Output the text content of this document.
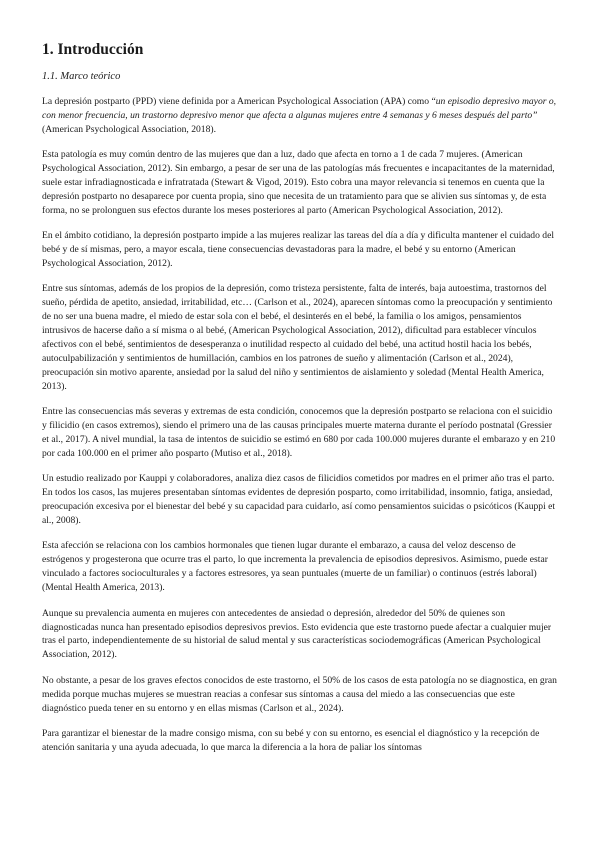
1. Introducción
1.1. Marco teórico

La depresión postparto (PPD) viene definida por a American Psychological Association (APA) como “un episodio depresivo mayor o, con menor frecuencia, un trastorno depresivo menor que afecta a algunas mujeres entre 4 semanas y 6 meses después del parto” (American Psychological Association, 2018).

Esta patología es muy común dentro de las mujeres que dan a luz, dado que afecta en torno a 1 de cada 7 mujeres. (American Psychological Association, 2012). Sin embargo, a pesar de ser una de las patologías más frecuentes e incapacitantes de la maternidad, suele estar infradiagnosticada e infratratada (Stewart & Vigod, 2019). Esto cobra una mayor relevancia si tenemos en cuenta que la depresión postparto no desaparece por cuenta propia, sino que necesita de un tratamiento para que se alivien sus síntomas y, de esta forma, no se prolonguen sus efectos durante los meses posteriores al parto (American Psychological Association, 2012).

En el ámbito cotidiano, la depresión postparto impide a las mujeres realizar las tareas del día a día y dificulta mantener el cuidado del bebé y de sí mismas, pero, a mayor escala, tiene consecuencias devastadoras para la madre, el bebé y su entorno (American Psychological Association, 2012).

Entre sus síntomas, además de los propios de la depresión, como tristeza persistente, falta de interés, baja autoestima, trastornos del sueño, pérdida de apetito, ansiedad, irritabilidad, etc… (Carlson et al., 2024), aparecen síntomas como la preocupación y sentimiento de no ser una buena madre, el miedo de estar sola con el bebé, el desinterés en el bebé, la familia o los amigos, pensamientos intrusivos de hacerse daño a sí misma o al bebé, (American Psychological Association, 2012), dificultad para establecer vínculos afectivos con el bebé, sentimientos de desesperanza o inutilidad respecto al cuidado del bebé, una actitud hostil hacia los bebés, autoculpabilización y sentimientos de humillación, cambios en los patrones de sueño y alimentación (Carlson et al., 2024), preocupación sin motivo aparente, ansiedad por la salud del niño y sentimientos de aislamiento y soledad (Mental Health America, 2013).

Entre las consecuencias más severas y extremas de esta condición, conocemos que la depresión postparto se relaciona con el suicidio y filicidio (en casos extremos), siendo el primero una de las causas principales muerte materna durante el período postnatal (Gressier et al., 2017). A nivel mundial, la tasa de intentos de suicidio se estimó en 680 por cada 100.000 mujeres durante el embarazo y en 210 por cada 100.000 en el primer año posparto (Mutiso et al., 2018).

Un estudio realizado por Kauppi y colaboradores, analiza diez casos de filicidios cometidos por madres en el primer año tras el parto. En todos los casos, las mujeres presentaban síntomas evidentes de depresión posparto, como irritabilidad, insomnio, fatiga, ansiedad, preocupación excesiva por el bienestar del bebé y su capacidad para cuidarlo, así como pensamientos suicidas o psicóticos (Kauppi et al., 2008).

Esta afección se relaciona con los cambios hormonales que tienen lugar durante el embarazo, a causa del veloz descenso de estrógenos y progesterona que ocurre tras el parto, lo que incrementa la prevalencia de episodios depresivos. Asimismo, puede estar vinculado a factores socioculturales y a factores estresores, ya sean puntuales (muerte de un familiar) o continuos (estrés laboral) (Mental Health America, 2013).

Aunque su prevalencia aumenta en mujeres con antecedentes de ansiedad o depresión, alrededor del 50% de quienes son diagnosticadas nunca han presentado episodios depresivos previos. Esto evidencia que este trastorno puede afectar a cualquier mujer tras el parto, independientemente de su historial de salud mental y sus características sociodemográficas (American Psychological Association, 2012).

No obstante, a pesar de los graves efectos conocidos de este trastorno, el 50% de los casos de esta patología no se diagnostica, en gran medida porque muchas mujeres se muestran reacias a confesar sus síntomas a causa del miedo a las consecuencias que este diagnóstico pueda tener en su entorno y en ellas mismas (Carlson et al., 2024).

Para garantizar el bienestar de la madre consigo misma, con su bebé y con su entorno, es esencial el diagnóstico y la recepción de atención sanitaria y una ayuda adecuada, lo que marca la diferencia a la hora de paliar los síntomas
